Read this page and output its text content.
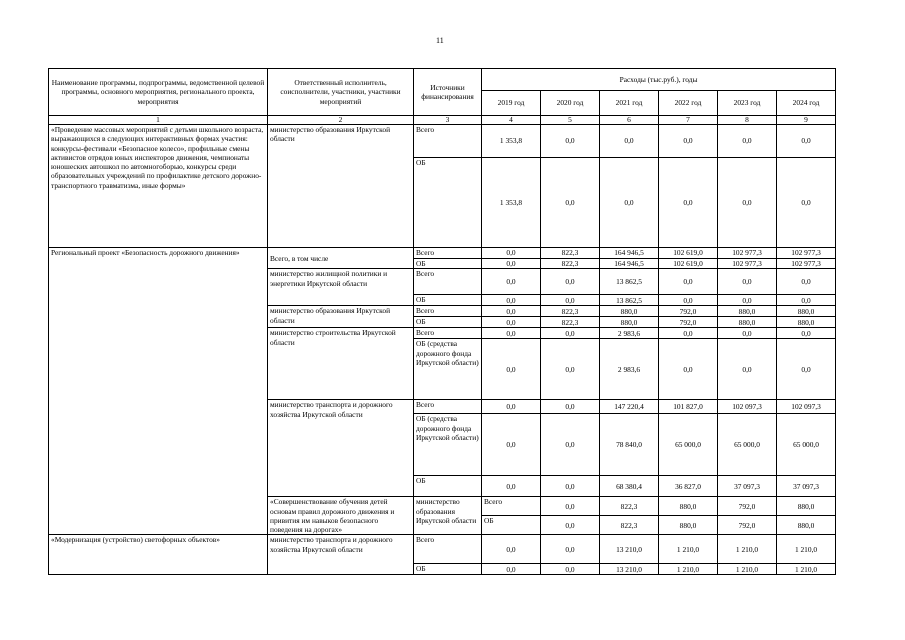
11
Наименование программы, подпрограммы, ведомственной целевой программы, основного мероприятия, регионального проекта, мероприятия	Ответственный исполнитель, соисполнители, участники, участники мероприятий	Источники финансирования	Расходы (тыс.руб.), годы						
			2019 год	2020 год	2021 год	2022 год	2023 год	2024 год	
1	2	3	4	5	6	7	8	9	
«Проведение массовых мероприятий с детьми школьного возраста, выражающихся в следующих интерактивных формах участия: конкурсы-фестивали «Безопасное колесо», профильные смены активистов отрядов юных инспекторов движения, чемпионаты юношеских автошкол по автомногоборью, конкурсы среди образовательных учреждений по профилактике детского дорожно-транспортного травматизма, иные формы»	министерство образования Иркутской области	Всего	1 353,8	0,0	0,0	0,0	0,0	0,0	
		ОБ	1 353,8	0,0	0,0	0,0	0,0	0,0	
Региональный проект «Безопасность дорожного движения»	Всего, в том числе	Всего	0,0	822,3	164 946,5	102 619,0	102 977,3	102 977,3	
		ОБ	0,0	822,3	164 946,5	102 619,0	102 977,3	102 977,3	
	министерство жилищной политики и энергетики Иркутской области	Всего	0,0	0,0	13 862,5	0,0	0,0	0,0	
		ОБ	0,0	0,0	13 862,5	0,0	0,0	0,0	
	министерство образования Иркутской области	Всего	0,0	822,3	880,0	792,0	880,0	880,0	
		ОБ	0,0	822,3	880,0	792,0	880,0	880,0	
	министерство строительства Иркутской области	Всего	0,0	0,0	2 983,6	0,0	0,0	0,0	
		ОБ (средства дорожного фонда Иркутской области)	0,0	0,0	2 983,6	0,0	0,0	0,0	
	министерство транспорта и дорожного хозяйства Иркутской области	Всего	0,0	0,0	147 220,4	101 827,0	102 097,3	102 097,3	
		ОБ (средства дорожного фонда Иркутской области)	0,0	0,0	78 840,0	65 000,0	65 000,0	65 000,0	
		ОБ	0,0	0,0	68 380,4	36 827,0	37 097,3	37 097,3	
	«Совершенствование обучения детей основам правил дорожного движения и привития им навыков безопасного поведения на дорогах»	министерство образования Иркутской области	Всего	0,0	822,3	880,0	792,0	880,0	
			ОБ	0,0	822,3	880,0	792,0	880,0	
«Модернизация (устройство) светофорных объектов»	министерство транспорта и дорожного хозяйства Иркутской области	Всего	0,0	0,0	13 210,0	1 210,0	1 210,0	1 210,0	
		ОБ	0,0	0,0	13 210,0	1 210,0	1 210,0	1 210,0	
